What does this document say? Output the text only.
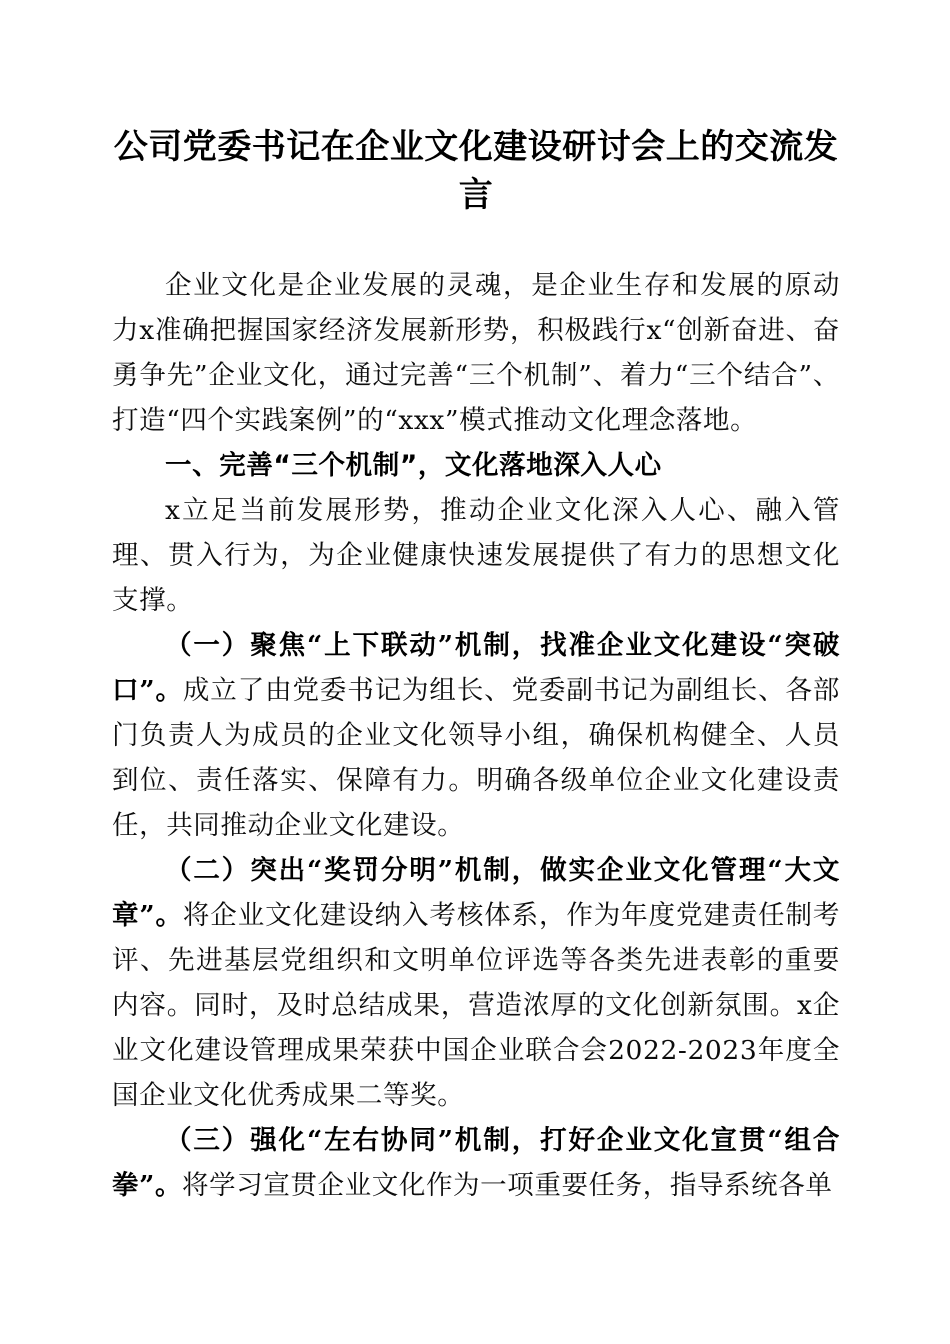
公司党委书记在企业文化建设研讨会上的交流发言

企业文化是企业发展的灵魂，是企业生存和发展的原动力x准确把握国家经济发展新形势，积极践行x“创新奋进、奋勇争先”企业文化，通过完善“三个机制”、着力“三个结合”、打造“四个实践案例”的“xxx”模式推动文化理念落地。

一、完善“三个机制”，文化落地深入人心

x立足当前发展形势，推动企业文化深入人心、融入管理、贯入行为，为企业健康快速发展提供了有力的思想文化支撑。

（一）聚焦“上下联动”机制，找准企业文化建设“突破口”。成立了由党委书记为组长、党委副书记为副组长、各部门负责人为成员的企业文化领导小组，确保机构健全、人员到位、责任落实、保障有力。明确各级单位企业文化建设责任，共同推动企业文化建设。

（二）突出“奖罚分明”机制，做实企业文化管理“大文章”。将企业文化建设纳入考核体系，作为年度党建责任制考评、先进基层党组织和文明单位评选等各类先进表彰的重要内容。同时，及时总结成果，营造浓厚的文化创新氛围。x企业文化建设管理成果荣获中国企业联合会2022-2023年度全国企业文化优秀成果二等奖。

（三）强化“左右协同”机制，打好企业文化宣贯“组合拳”。将学习宣贯企业文化作为一项重要任务，指导系统各单
